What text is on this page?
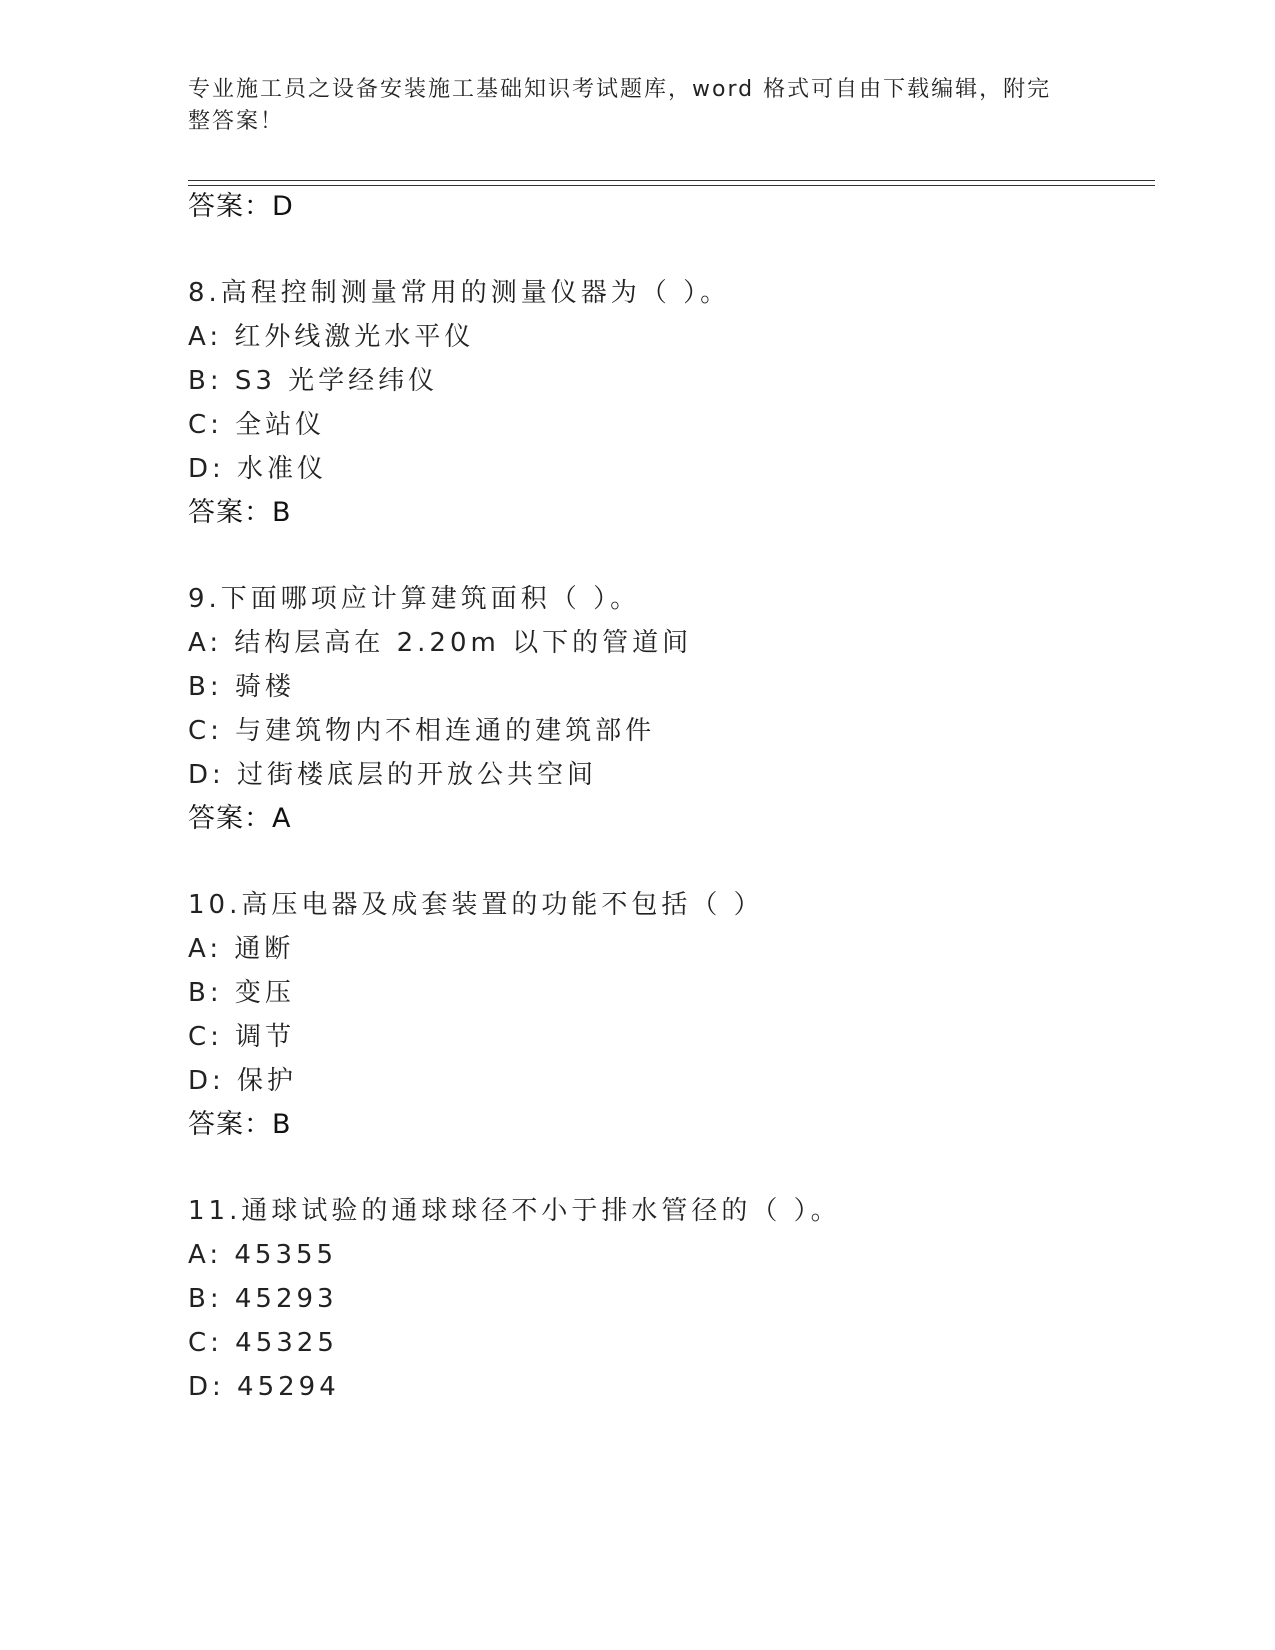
专业施工员之设备安装施工基础知识考试题库，word 格式可自由下载编辑，附完整答案！
答案：D
8.高程控制测量常用的测量仪器为（ ）。
A: 红外线激光水平仪
B: S3 光学经纬仪
C: 全站仪
D: 水准仪
答案：B
9.下面哪项应计算建筑面积（ ）。
A: 结构层高在 2.20m 以下的管道间
B: 骑楼
C: 与建筑物内不相连通的建筑部件
D: 过街楼底层的开放公共空间
答案：A
10.高压电器及成套装置的功能不包括（ ）
A: 通断
B: 变压
C: 调节
D: 保护
答案：B
11.通球试验的通球球径不小于排水管径的（ ）。
A: 45355
B: 45293
C: 45325
D: 45294
